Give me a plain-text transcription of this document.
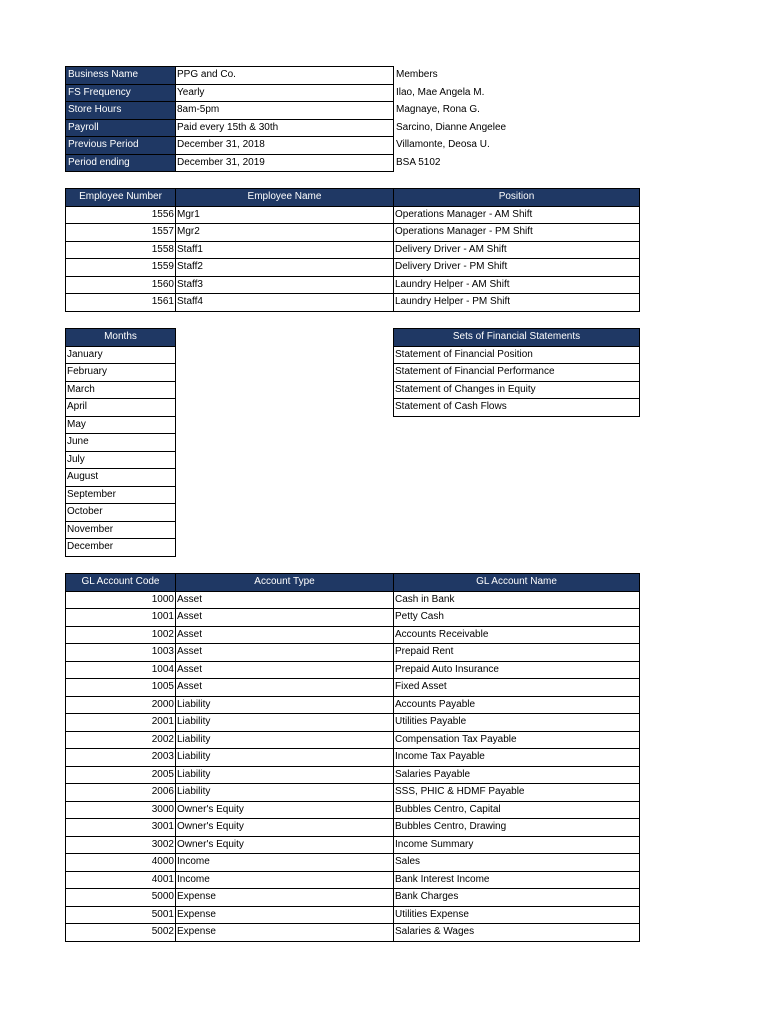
Business Name	PPG and Co.	Members
FS Frequency	Yearly	Ilao, Mae Angela M.
Store Hours	8am-5pm	Magnaye, Rona G.
Payroll	Paid every 15th & 30th	Sarcino, Dianne Angelee
Previous Period	December 31, 2018	Villamonte, Deosa U.
Period ending	December 31, 2019	BSA 5102
Employee Number	Employee Name	Position
1556	Mgr1	Operations Manager - AM Shift
1557	Mgr2	Operations Manager - PM Shift
1558	Staff1	Delivery Driver - AM Shift
1559	Staff2	Delivery Driver - PM Shift
1560	Staff3	Laundry Helper - AM Shift
1561	Staff4	Laundry Helper - PM Shift
Months
January
February
March
April
May
June
July
August
September
October
November
December
Sets of Financial Statements
Statement of Financial Position
Statement of Financial Performance
Statement of Changes in Equity
Statement of Cash Flows
GL Account Code	Account Type	GL Account Name
1000	Asset	Cash in Bank
1001	Asset	Petty Cash
1002	Asset	Accounts Receivable
1003	Asset	Prepaid Rent
1004	Asset	Prepaid Auto Insurance
1005	Asset	Fixed Asset
2000	Liability	Accounts Payable
2001	Liability	Utilities Payable
2002	Liability	Compensation Tax Payable
2003	Liability	Income Tax Payable
2005	Liability	Salaries Payable
2006	Liability	SSS, PHIC & HDMF Payable
3000	Owner's Equity	Bubbles Centro, Capital
3001	Owner's Equity	Bubbles Centro, Drawing
3002	Owner's Equity	Income Summary
4000	Income	Sales
4001	Income	Bank Interest Income
5000	Expense	Bank Charges
5001	Expense	Utilities Expense
5002	Expense	Salaries & Wages
